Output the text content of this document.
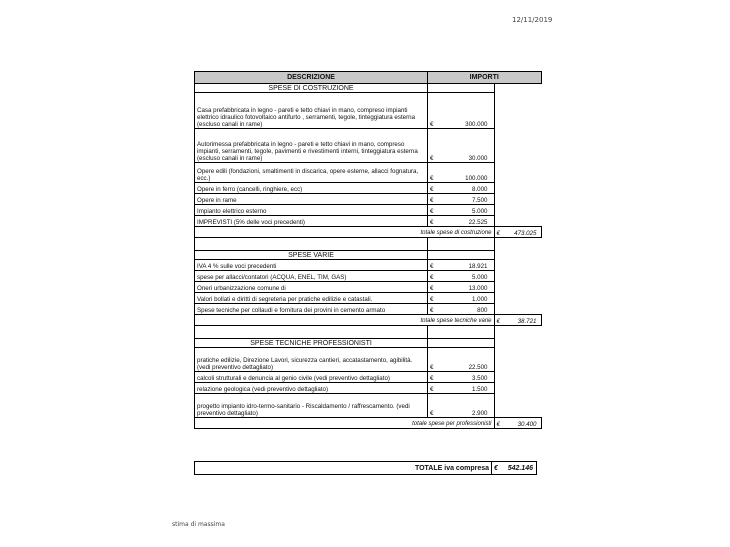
12/11/2019
DESCRIZIONE	IMPORTI			
SPESE DI COSTRUZIONE				
Casa prefabbricata in legno - pareti e tetto chiavi in mano, compreso impianti elettrico idraulico fotovoltaico antifurto , serramenti, tegole, tinteggiatura esterna (escluso canali in rame)	€	300.000		
Autorimessa prefabbricata in legno - pareti e tetto chiavi in mano, compreso impianti, serramenti, tegole, pavimenti e rivestimenti interni, tinteggiatura esterna (escluso canali in rame)	€	30.000		
Opere edili (fondazioni, smaltimenti in discarica, opere esterne, allacci fognatura, ecc.)	€	100.000		
Opere in ferro (cancelli, ringhiere, ecc)	€	8.000		
Opere in rame	€	7.500		
Impianto elettrico esterno	€	5.000		
IMPREVISTI (5% delle voci precedenti)	€	22.525		
totale spese di costruzione			€	473.025

SPESE VARIE				
IVA 4 % sulle voci precedenti	€	18.921		
spese per allacci/contatori (ACQUA, ENEL, TIM, GAS)	€	5.000		
Oneri urbanizzazione comune di	€	13.000		
Valori bollati e diritti di segreteria per pratiche edilizie e catastali.	€	1.000		
Spese tecniche per collaudi e fornitura dei provini in cemento armato	€	800		
totale spese tecniche varie			€	38.721

SPESE TECNICHE PROFESSIONISTI				
pratiche edilizie, Direzione Lavori, sicurezza cantieri, accatastamento, agibilità. (vedi preventivo dettagliato)	€	22.500		
calcoli strutturali e denuncia al genio civile (vedi preventivo dettagliato)	€	3.500		
relazione geologica (vedi preventivo dettagliato)	€	1.500		
progetto impianto idro-termo-sanitario - Riscaldamento / raffrescamento. (vedi preventivo dettagliato)	€	2.900		
totale spese per professionisti			€	30.400
TOTALE iva compresa	€	542.146
stima di massima
